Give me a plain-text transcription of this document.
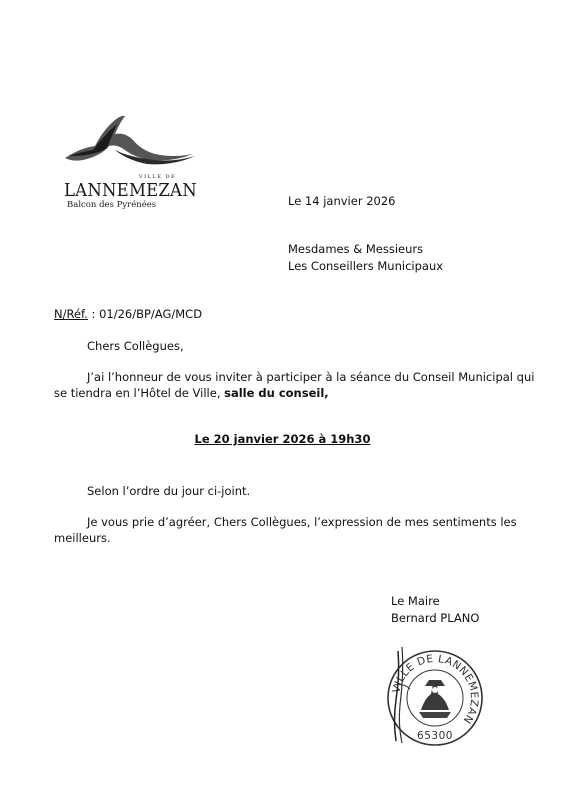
VILLE DE
LANNEMEZAN
Balcon des Pyrénées	Le 14 janvier 2026
Mesdames & Messieurs
Les Conseillers Municipaux
N/Réf. : 01/26/BP/AG/MCD
Chers Collègues,
J’ai l’honneur de vous inviter à participer à la séance du Conseil Municipal qui
se tiendra en l’Hôtel de Ville, salle du conseil,
Le 20 janvier 2026 à 19h30
Selon l’ordre du jour ci-joint.
Je vous prie d’agréer, Chers Collègues, l’expression de mes sentiments les
meilleurs.
Le Maire
Bernard PLANO
VILLE DE LANNEMEZAN
65300
